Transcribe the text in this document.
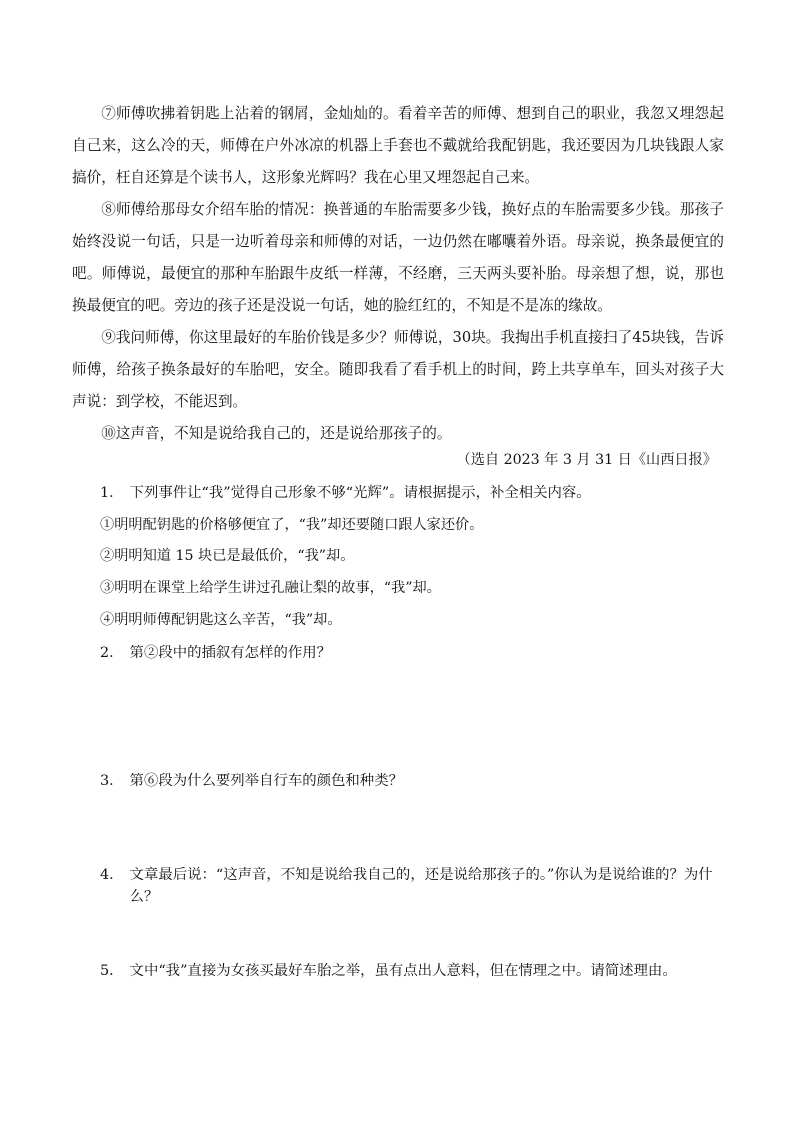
⑦师傅吹拂着钥匙上沾着的钢屑，金灿灿的。看着辛苦的师傅、想到自己的职业，我忽又埋怨起自己来，这么冷的天，师傅在户外冰凉的机器上手套也不戴就给我配钥匙，我还要因为几块钱跟人家搞价，枉自还算是个读书人，这形象光辉吗？我在心里又埋怨起自己来。

⑧师傅给那母女介绍车胎的情况：换普通的车胎需要多少钱，换好点的车胎需要多少钱。那孩子始终没说一句话，只是一边听着母亲和师傅的对话，一边仍然在嘟囔着外语。母亲说，换条最便宜的吧。师傅说，最便宜的那种车胎跟牛皮纸一样薄，不经磨，三天两头要补胎。母亲想了想，说，那也换最便宜的吧。旁边的孩子还是没说一句话，她的脸红红的，不知是不是冻的缘故。

⑨我问师傅，你这里最好的车胎价钱是多少？师傅说，30块。我掏出手机直接扫了45块钱，告诉师傅，给孩子换条最好的车胎吧，安全。随即我看了看手机上的时间，跨上共享单车，回头对孩子大声说：到学校，不能迟到。

⑩这声音，不知是说给我自己的，还是说给那孩子的。

（选自 2023 年 3 月 31 日《山西日报》

1． 下列事件让“我”觉得自己形象不够“光辉”。请根据提示，补全相关内容。
①明明配钥匙的价格够便宜了，“我”却还要随口跟人家还价。
②明明知道 15 块已是最低价，“我”却。
③明明在课堂上给学生讲过孔融让梨的故事，“我”却。
④明明师傅配钥匙这么辛苦，“我”却。
2． 第②段中的插叙有怎样的作用？
3． 第⑥段为什么要列举自行车的颜色和种类？
4． 文章最后说：“这声音，不知是说给我自己的，还是说给那孩子的。”你认为是说给谁的？为什么？
5． 文中“我”直接为女孩买最好车胎之举，虽有点出人意料，但在情理之中。请简述理由。
